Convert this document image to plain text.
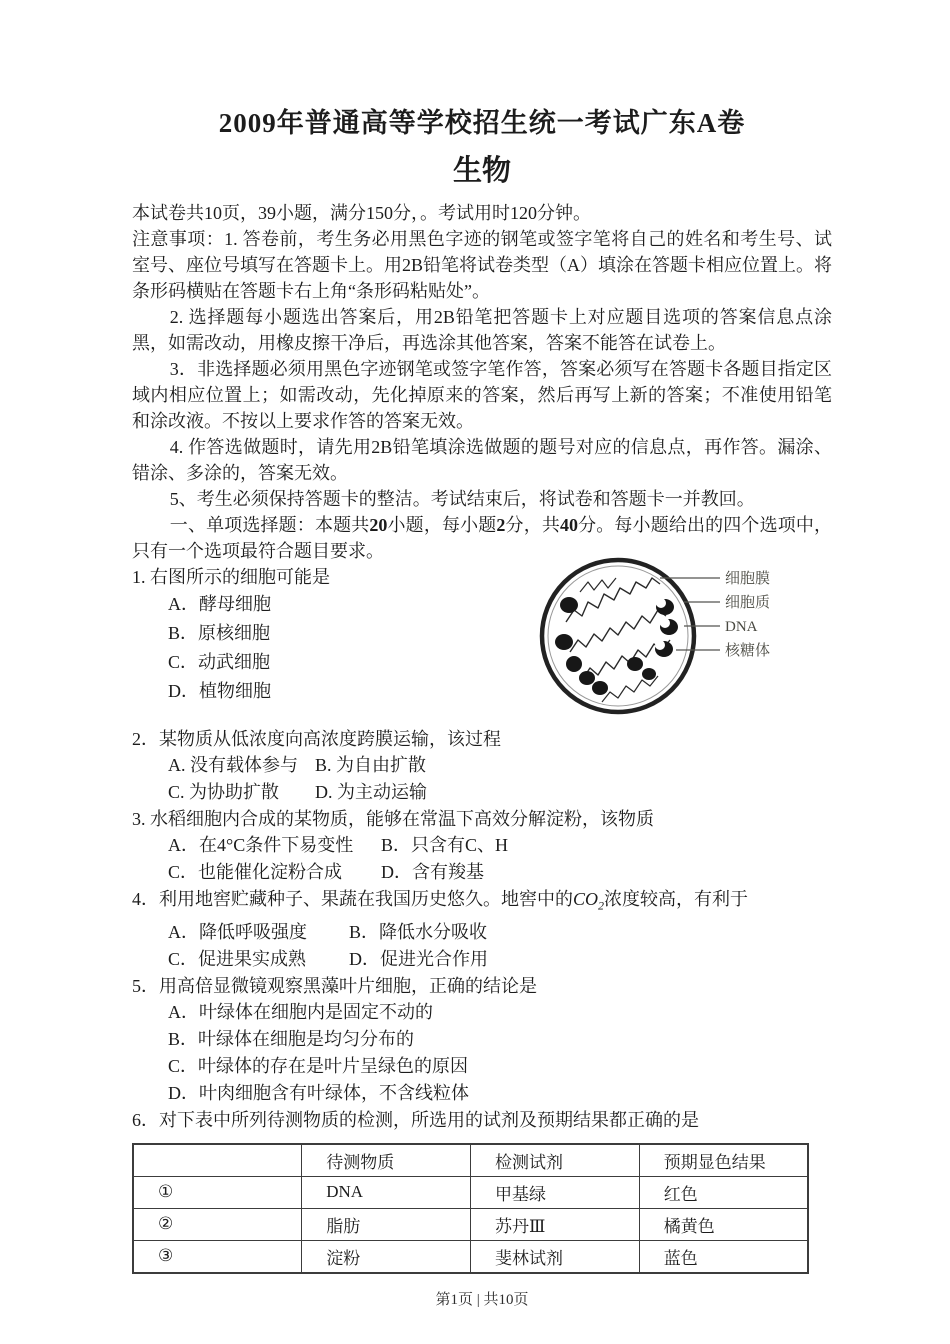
2009年普通高等学校招生统一考试广东A卷
生物

本试卷共10页，39小题，满分150分，。考试用时120分钟。

注意事项：1. 答卷前，考生务必用黑色字迹的钢笔或签字笔将自己的姓名和考生号、试室号、座位号填写在答题卡上。用2B铅笔将试卷类型（A）填涂在答题卡相应位置上。将条形码横贴在答题卡右上角“条形码粘贴处”。

2. 选择题每小题选出答案后，用2B铅笔把答题卡上对应题目选项的答案信息点涂黑，如需改动，用橡皮擦干净后，再选涂其他答案，答案不能答在试卷上。

3．非选择题必须用黑色字迹钢笔或签字笔作答，答案必须写在答题卡各题目指定区域内相应位置上；如需改动，先化掉原来的答案，然后再写上新的答案；不准使用铅笔和涂改液。不按以上要求作答的答案无效。

4. 作答选做题时，请先用2B铅笔填涂选做题的题号对应的信息点，再作答。漏涂、错涂、多涂的，答案无效。

5、考生必须保持答题卡的整洁。考试结束后，将试卷和答题卡一并教回。

一、单项选择题：本题共20小题，每小题2分，共40分。每小题给出的四个选项中，只有一个选项最符合题目要求。

1. 右图所示的细胞可能是

A．酵母细胞

B．原核细胞

C．动武细胞

D．植物细胞

细胞膜
细胞质
DNA
核糖体

2．某物质从低浓度向高浓度跨膜运输，该过程

A. 没有载体参与 B. 为自由扩散
C. 为协助扩散	D. 为主动运输

3. 水稻细胞内合成的某物质，能够在常温下高效分解淀粉，该物质

A．在4°C条件下易变性	B．只含有C、H
C．也能催化淀粉合成	D．含有羧基

4．利用地窖贮藏种子、果蔬在我国历史悠久。地窖中的$CO_2$浓度较高，有利于

A．降低呼吸强度	B．降低水分吸收
C．促进果实成熟	D．促进光合作用

5．用高倍显微镜观察黑藻叶片细胞，正确的结论是

A．叶绿体在细胞内是固定不动的

B．叶绿体在细胞是均匀分布的

C．叶绿体的存在是叶片呈绿色的原因

D．叶肉细胞含有叶绿体，不含线粒体

6．对下表中所列待测物质的检测，所选用的试剂及预期结果都正确的是

	待测物质	检测试剂	预期显色结果
①	DNA	甲基绿	红色
②	脂肪	苏丹Ⅲ	橘黄色
③	淀粉	斐林试剂	蓝色

第1页 | 共10页
